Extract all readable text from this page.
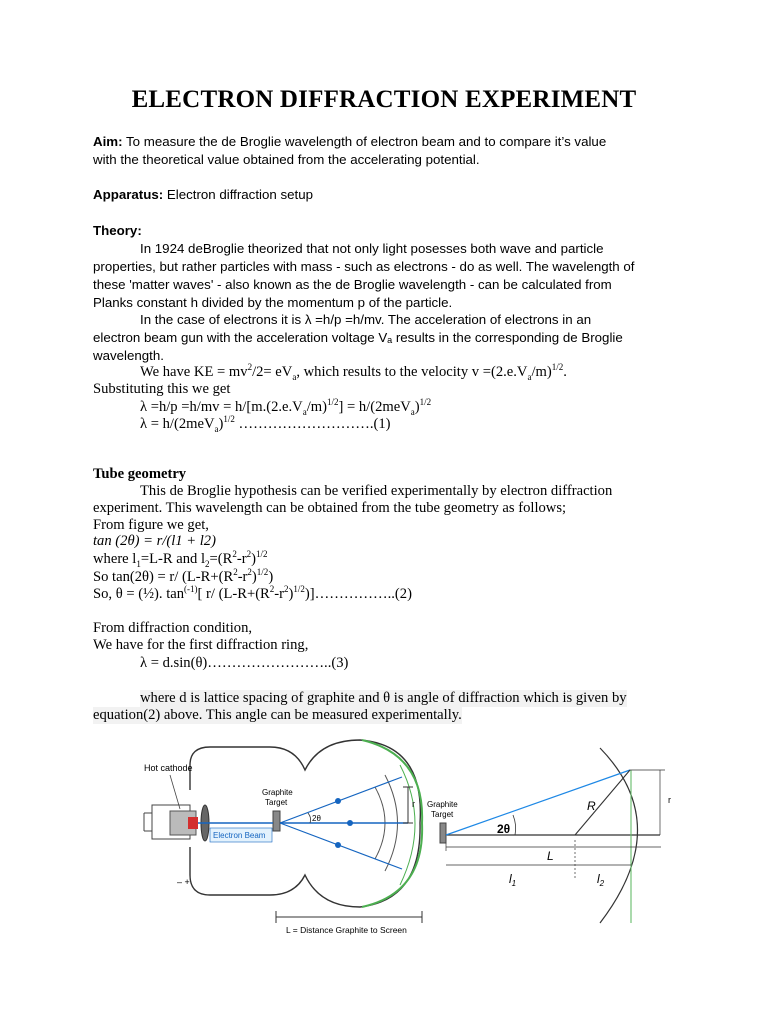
ELECTRON DIFFRACTION EXPERIMENT
Aim: To measure the de Broglie wavelength of electron beam and to compare it’s value
with the theoretical value obtained from the accelerating potential.
Apparatus: Electron diffraction setup
Theory:
In 1924 deBroglie theorized that not only light posesses both wave and particle
properties, but rather particles with mass - such as electrons - do as well. The wavelength of
these 'matter waves' - also known as the de Broglie wavelength - can be calculated from
Planks constant h divided by the momentum p of the particle.
In the case of electrons it is λ =h/p =h/mv. The acceleration of electrons in an
electron beam gun with the acceleration voltage Vₐ results in the corresponding de Broglie
wavelength.
We have KE = $mv^2/2= eV_a$, which results to the velocity $v =(2.e.V_a/m)^{1/2}$.
Substituting this we get
$\lambda =h/p =h/mv = h/[m.(2.e.V_a/m)^{1/2}] = h/(2meV_a)^{1/2}$
$\lambda = h/(2meV_a)^{1/2}$ ……………………….(1)
Tube geometry
This de Broglie hypothesis can be verified experimentally by electron diffraction
experiment. This wavelength can be obtained from the tube geometry as follows;
From figure we get,
tan (2θ) = r/(l1 + l2)
where $l_1=L-R$ and $l_2=(R^2-r^2)^{1/2}$
So tan(2θ) = r/ $(L-R+(R^2-r^2)^{1/2})$
So, θ = (½). $\tan^{(-1)}$[ r/ $(L-R+(R^2-r^2)^{1/2})]\dots\dots\dots\dots\dots..(2)$
From diffraction condition,
We have for the first diffraction ring,
λ = d.sin(θ)……………………..(3)
where d is lattice spacing of graphite and θ is angle of diffraction which is given by
equation(2) above. This angle can be measured experimentally.
r
Hot cathode
Graphite
Target
Electron Beam
2θ
– +
L = Distance Graphite to Screen
r
R
2θ
Graphite
Target
L
$l_1$	$l_2$
